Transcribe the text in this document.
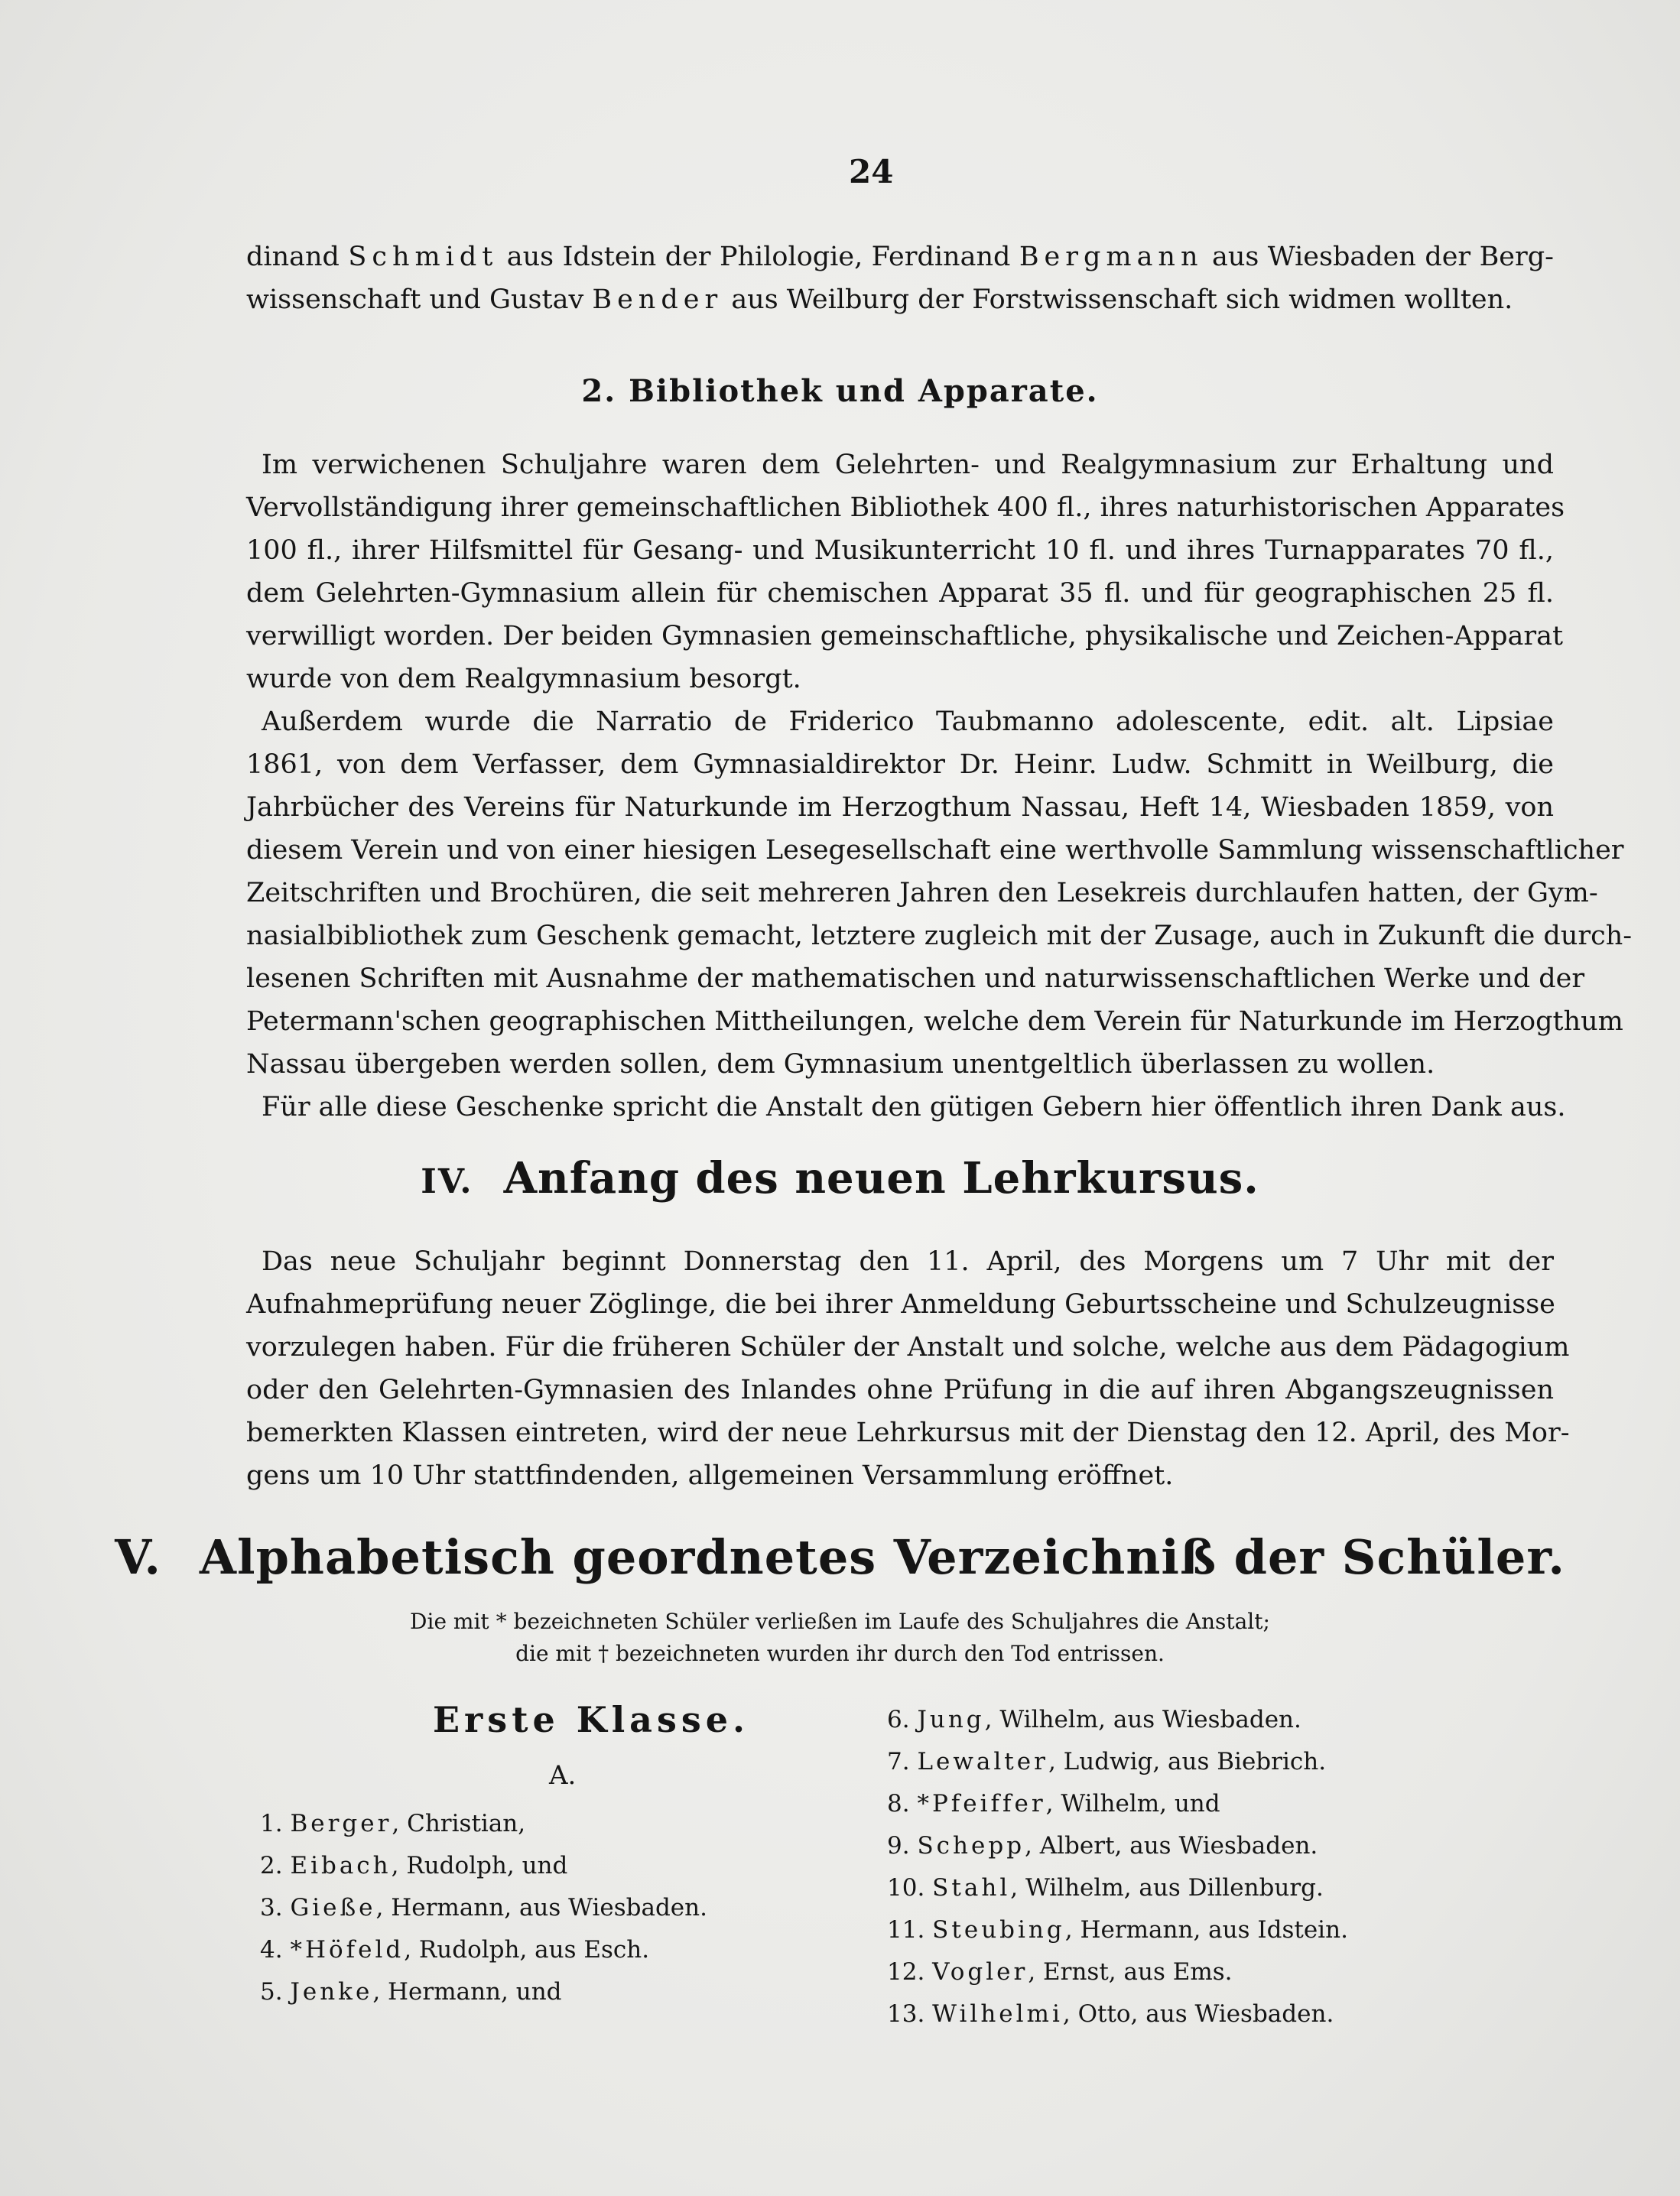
24
dinand Schmidt aus Idstein der Philologie, Ferdinand Bergmann aus Wiesbaden der Berg-
wissenschaft und Gustav Bender aus Weilburg der Forstwissenschaft sich widmen wollten.
2. Bibliothek und Apparate.
Im verwichenen Schuljahre waren dem Gelehrten- und Realgymnasium zur Erhaltung und
Vervollständigung ihrer gemeinschaftlichen Bibliothek 400 fl., ihres naturhistorischen Apparates
100 fl., ihrer Hilfsmittel für Gesang- und Musikunterricht 10 fl. und ihres Turnapparates 70 fl.,
dem Gelehrten-Gymnasium allein für chemischen Apparat 35 fl. und für geographischen 25 fl.
verwilligt worden. Der beiden Gymnasien gemeinschaftliche, physikalische und Zeichen-Apparat
wurde von dem Realgymnasium besorgt.
Außerdem wurde die Narratio de Friderico Taubmanno adolescente, edit. alt. Lipsiae
1861, von dem Verfasser, dem Gymnasialdirektor Dr. Heinr. Ludw. Schmitt in Weilburg, die
Jahrbücher des Vereins für Naturkunde im Herzogthum Nassau, Heft 14, Wiesbaden 1859, von
diesem Verein und von einer hiesigen Lesegesellschaft eine werthvolle Sammlung wissenschaftlicher
Zeitschriften und Brochüren, die seit mehreren Jahren den Lesekreis durchlaufen hatten, der Gym-
nasialbibliothek zum Geschenk gemacht, letztere zugleich mit der Zusage, auch in Zukunft die durch-
lesenen Schriften mit Ausnahme der mathematischen und naturwissenschaftlichen Werke und der
Petermann'schen geographischen Mittheilungen, welche dem Verein für Naturkunde im Herzogthum
Nassau übergeben werden sollen, dem Gymnasium unentgeltlich überlassen zu wollen.
Für alle diese Geschenke spricht die Anstalt den gütigen Gebern hier öffentlich ihren Dank aus.
IV. Anfang des neuen Lehrkursus.
Das neue Schuljahr beginnt Donnerstag den 11. April, des Morgens um 7 Uhr mit der
Aufnahmeprüfung neuer Zöglinge, die bei ihrer Anmeldung Geburtsscheine und Schulzeugnisse
vorzulegen haben. Für die früheren Schüler der Anstalt und solche, welche aus dem Pädagogium
oder den Gelehrten-Gymnasien des Inlandes ohne Prüfung in die auf ihren Abgangszeugnissen
bemerkten Klassen eintreten, wird der neue Lehrkursus mit der Dienstag den 12. April, des Mor-
gens um 10 Uhr stattfindenden, allgemeinen Versammlung eröffnet.
V. Alphabetisch geordnetes Verzeichniß der Schüler.
Die mit * bezeichneten Schüler verließen im Laufe des Schuljahres die Anstalt;
die mit † bezeichneten wurden ihr durch den Tod entrissen.
Erste Klasse.
A.
1. Berger, Christian,
2. Eibach, Rudolph, und
3. Gieße, Hermann, aus Wiesbaden.
4. *Höfeld, Rudolph, aus Esch.
5. Jenke, Hermann, und
6. Jung, Wilhelm, aus Wiesbaden.
7. Lewalter, Ludwig, aus Biebrich.
8. *Pfeiffer, Wilhelm, und
9. Schepp, Albert, aus Wiesbaden.
10. Stahl, Wilhelm, aus Dillenburg.
11. Steubing, Hermann, aus Idstein.
12. Vogler, Ernst, aus Ems.
13. Wilhelmi, Otto, aus Wiesbaden.
